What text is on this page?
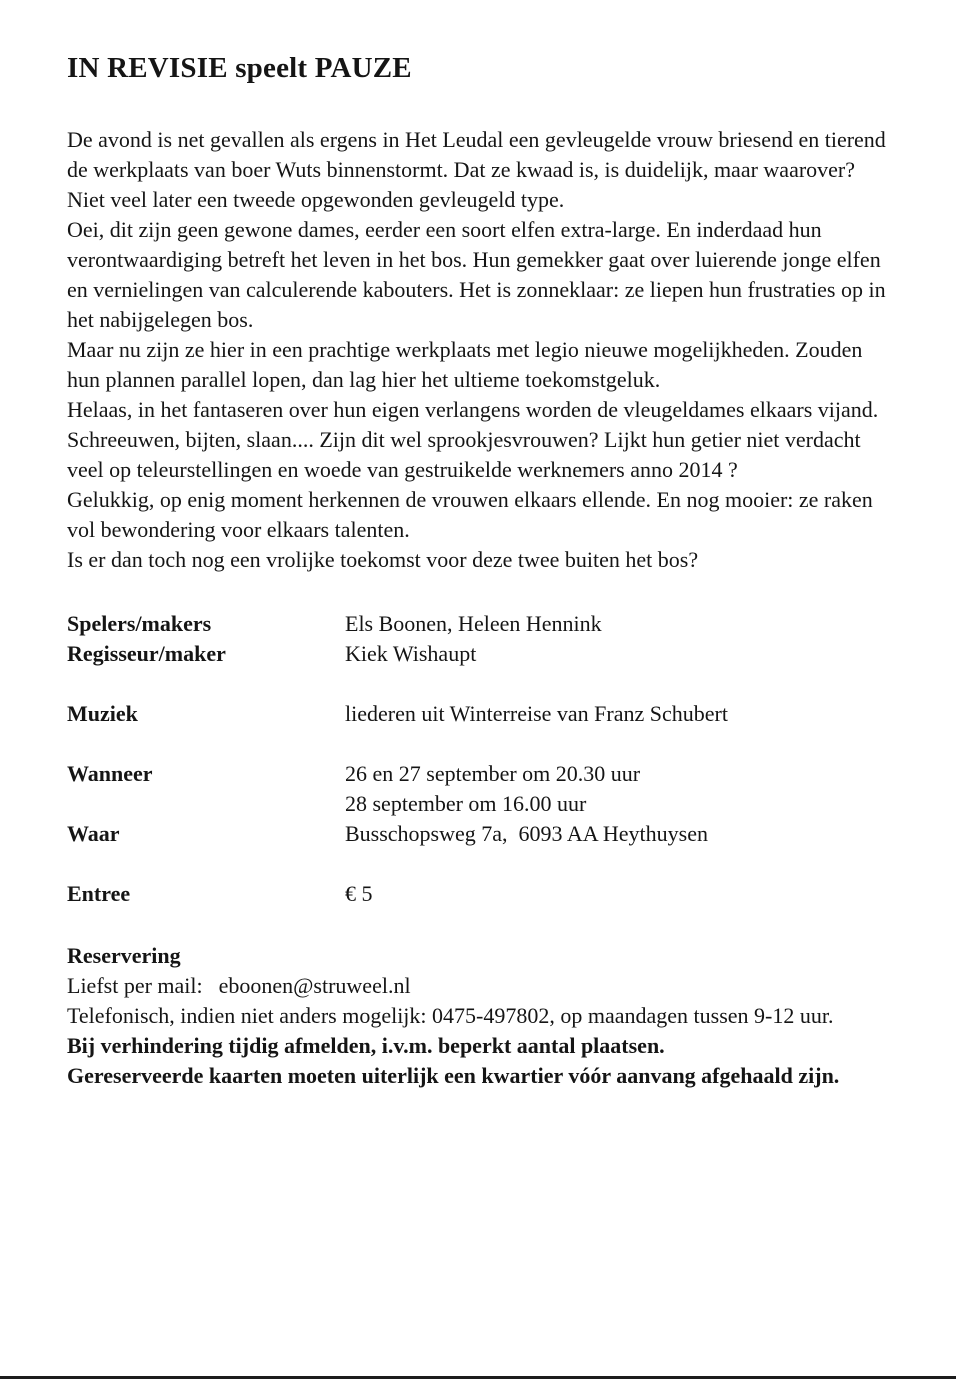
IN REVISIE speelt PAUZE

De avond is net gevallen als ergens in Het Leudal een gevleugelde vrouw briesend en tierend de werkplaats van boer Wuts binnenstormt. Dat ze kwaad is, is duidelijk, maar waarover?

Niet veel later een tweede opgewonden gevleugeld type.

Oei, dit zijn geen gewone dames, eerder een soort elfen extra-large. En inderdaad hun verontwaardiging betreft het leven in het bos. Hun gemekker gaat over luierende jonge elfen en vernielingen van calculerende kabouters. Het is zonneklaar: ze liepen hun frustraties op in het nabijgelegen bos.

Maar nu zijn ze hier in een prachtige werkplaats met legio nieuwe mogelijkheden. Zouden hun plannen parallel lopen, dan lag hier het ultieme toekomstgeluk.

Helaas, in het fantaseren over hun eigen verlangens worden de vleugeldames elkaars vijand.

Schreeuwen, bijten, slaan.... Zijn dit wel sprookjesvrouwen? Lijkt hun getier niet verdacht veel op teleurstellingen en woede van gestruikelde werknemers anno 2014 ?

Gelukkig, op enig moment herkennen de vrouwen elkaars ellende. En nog mooier: ze raken vol bewondering voor elkaars talenten.

Is er dan toch nog een vrolijke toekomst voor deze twee buiten het bos?

Spelers/makers	Els Boonen, Heleen Hennink
Regisseur/maker	Kiek Wishaupt
Muziek	liederen uit Winterreise van Franz Schubert
Wanneer	26 en 27 september om 20.30 uur
28 september om 16.00 uur
Waar	Busschopsweg 7a,  6093 AA Heythuysen
Entree	€ 5
Reservering

Liefst per mail: eboonen@struweel.nl

Telefonisch, indien niet anders mogelijk: 0475-497802, op maandagen tussen 9-12 uur.

Bij verhindering tijdig afmelden, i.v.m. beperkt aantal plaatsen.

Gereserveerde kaarten moeten uiterlijk een kwartier vóór aanvang afgehaald zijn.
